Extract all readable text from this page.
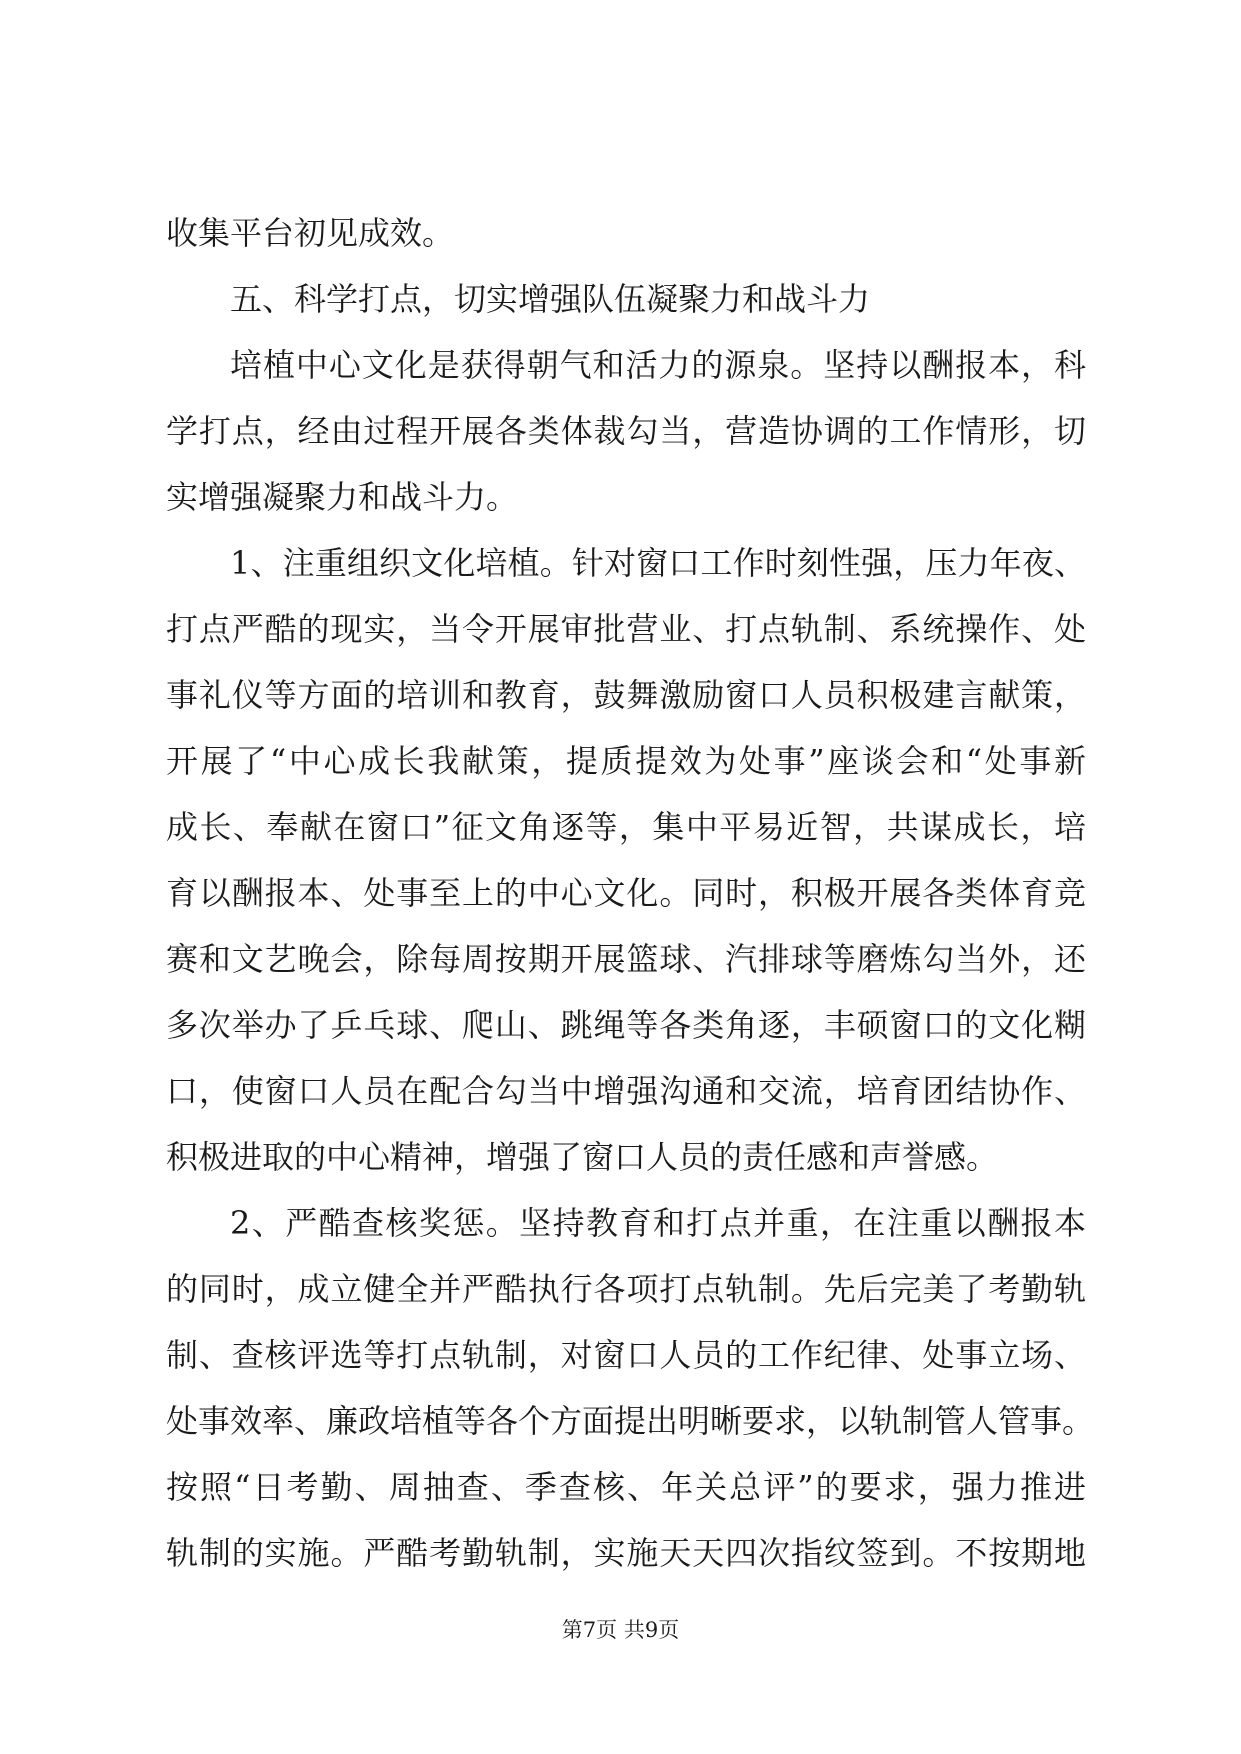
收集平台初见成效。
五、科学打点，切实增强队伍凝聚力和战斗力
培植中心文化是获得朝气和活力的源泉。坚持以酬报本，科
学打点，经由过程开展各类体裁勾当，营造协调的工作情形，切
实增强凝聚力和战斗力。
1、注重组织文化培植。针对窗口工作时刻性强，压力年夜、
打点严酷的现实，当令开展审批营业、打点轨制、系统操作、处
事礼仪等方面的培训和教育，鼓舞激励窗口人员积极建言献策，
开展了“中心成长我献策，提质提效为处事”座谈会和“处事新
成长、奉献在窗口”征文角逐等，集中平易近智，共谋成长，培
育以酬报本、处事至上的中心文化。同时，积极开展各类体育竞
赛和文艺晚会，除每周按期开展篮球、汽排球等磨炼勾当外，还
多次举办了乒乓球、爬山、跳绳等各类角逐，丰硕窗口的文化糊
口，使窗口人员在配合勾当中增强沟通和交流，培育团结协作、
积极进取的中心精神，增强了窗口人员的责任感和声誉感。
2、严酷查核奖惩。坚持教育和打点并重，在注重以酬报本
的同时，成立健全并严酷执行各项打点轨制。先后完美了考勤轨
制、查核评选等打点轨制，对窗口人员的工作纪律、处事立场、
处事效率、廉政培植等各个方面提出明晰要求，以轨制管人管事。
按照“日考勤、周抽查、季查核、年关总评”的要求，强力推进
轨制的实施。严酷考勤轨制，实施天天四次指纹签到。不按期地
第7页 共9页
